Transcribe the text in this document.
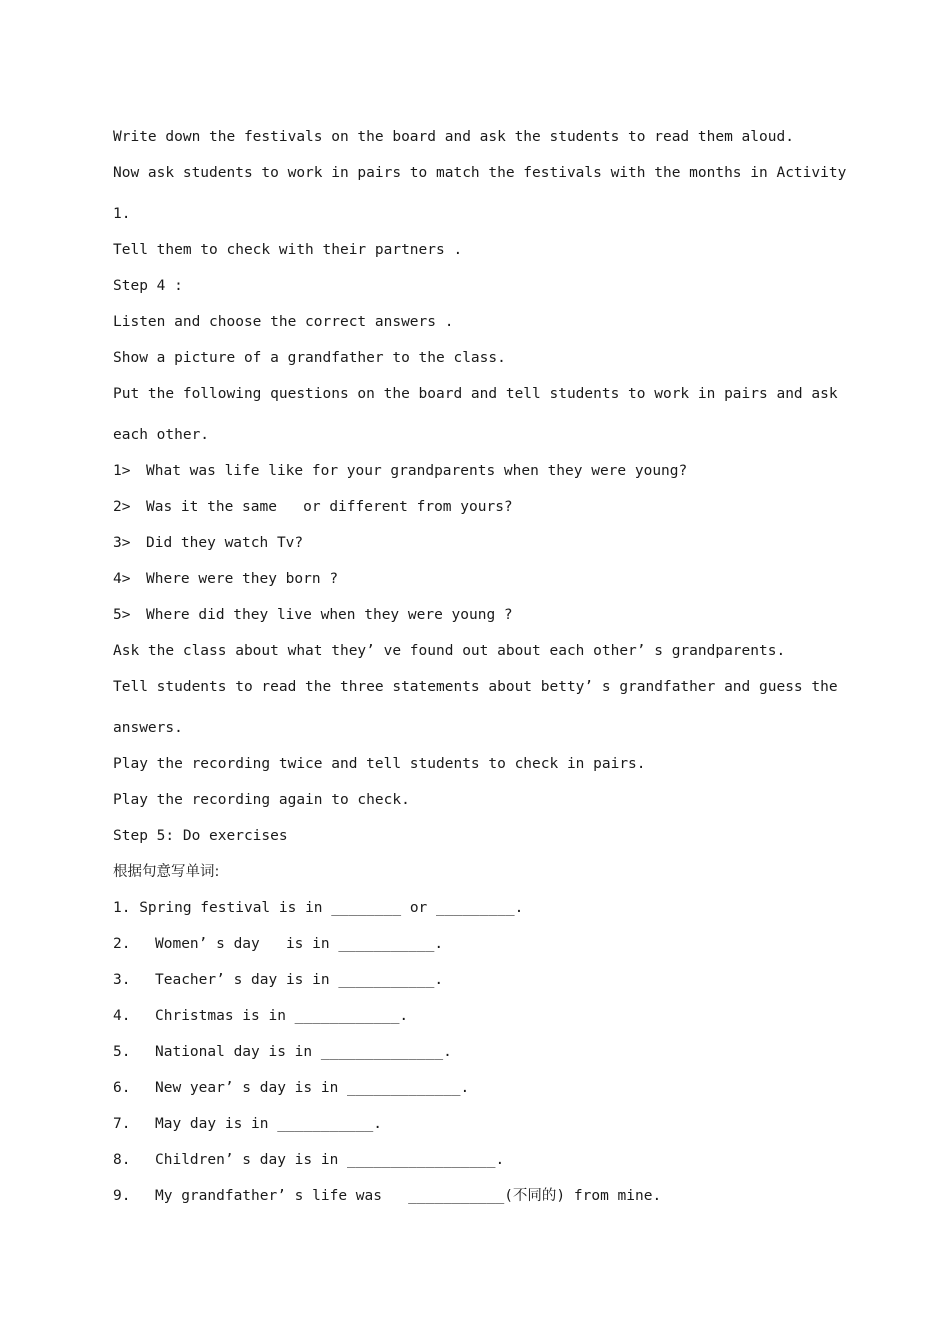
Write down the festivals on the board and ask the students to read them aloud.
Now ask students to work in pairs to match the festivals with the months in Activity
1.
Tell them to check with their partners .
Step 4 :
Listen and choose the correct answers .
Show a picture of a grandfather to the class.
Put the following questions on the board and tell students to work in pairs and ask
each other.
1> What was life like for your grandparents when they were young?
2> Was it the same   or different from yours?
3> Did they watch Tv?
4> Where were they born ?
5> Where did they live when they were young ?
Ask the class about what they’ ve found out about each other’ s grandparents.
Tell students to read the three statements about betty’ s grandfather and guess the
answers.
Play the recording twice and tell students to check in pairs.
Play the recording again to check.
Step 5: Do exercises
根据句意写单词:
1. Spring festival is in ________ or _________.
2. Women’ s day   is in ___________.
3. Teacher’ s day is in ___________.
4. Christmas is in ____________.
5. National day is in ______________.
6. New year’ s day is in _____________.
7. May day is in ___________.
8. Children’ s day is in _________________.
9. My grandfather’ s life was   ___________(不同的) from mine.
